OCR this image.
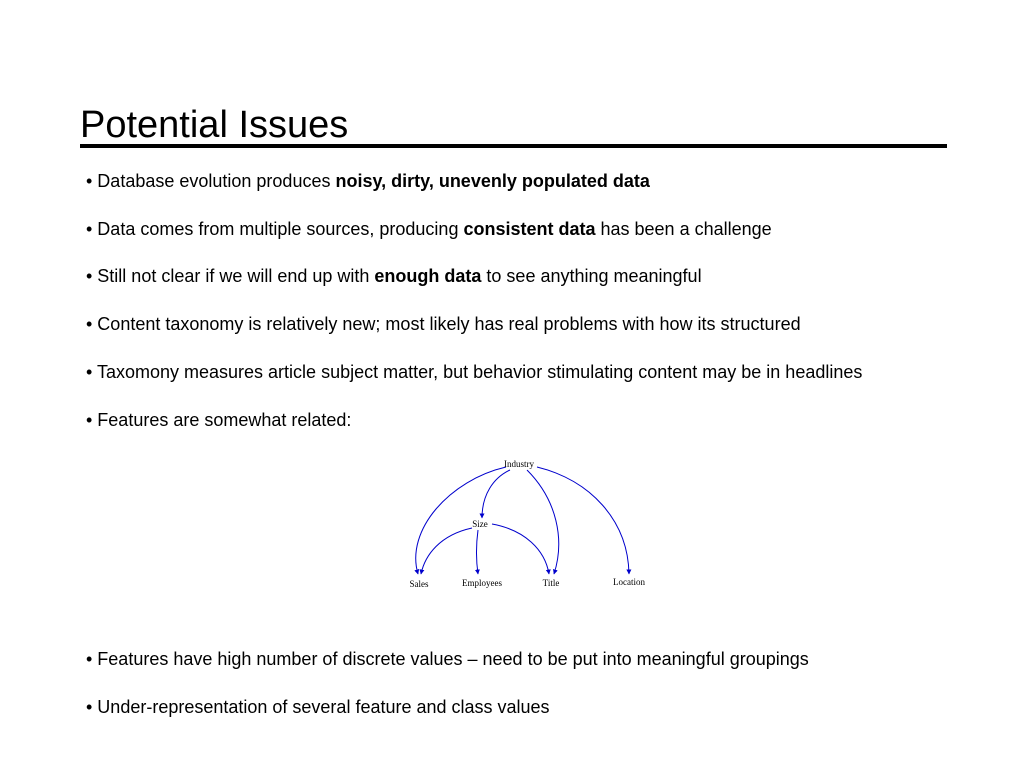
Potential Issues
• Database evolution produces noisy, dirty, unevenly populated data
• Data comes from multiple sources, producing consistent data has been a challenge
• Still not clear if we will end up with enough data to see anything meaningful
• Content taxonomy is relatively new; most likely has real problems with how its structured
• Taxomony measures article subject matter, but behavior stimulating content may be in headlines
• Features are somewhat related:
Industry
Size
Sales	Employees	Title	Location
• Features have high number of discrete values – need to be put into meaningful groupings
• Under-representation of several feature and class values
